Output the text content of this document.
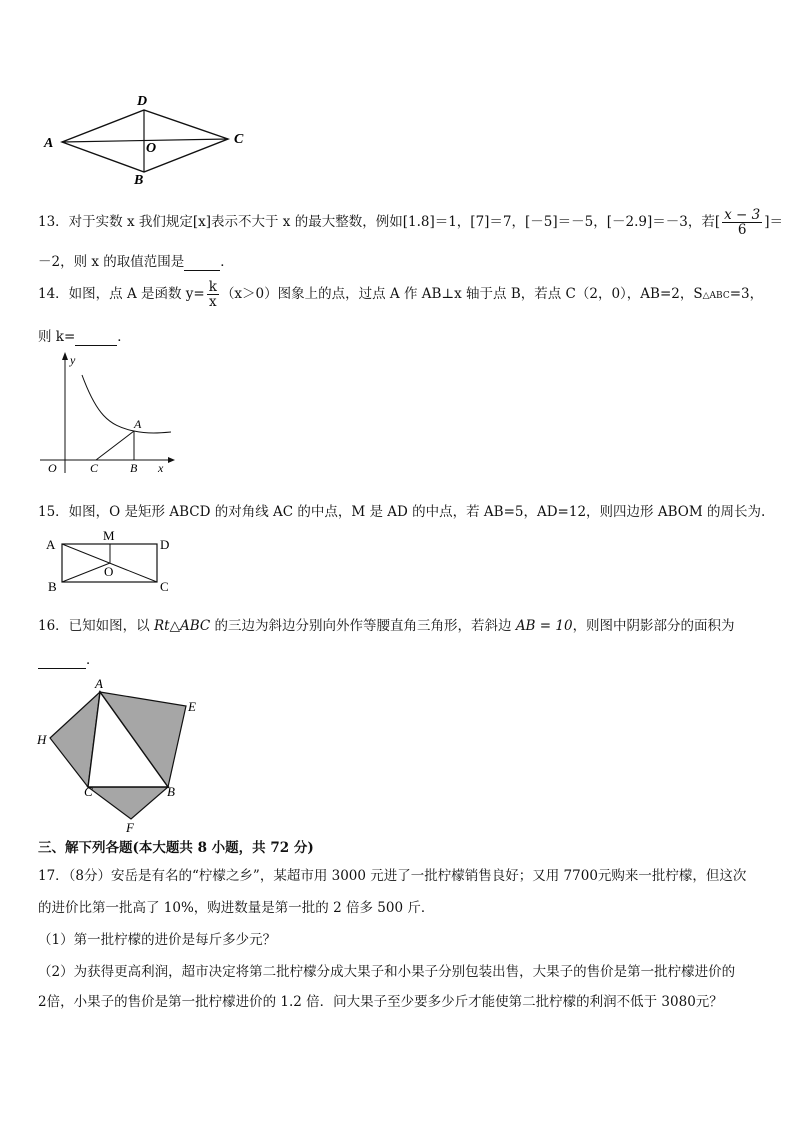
D
A	C
O
B
13．对于实数 x 我们规定[x]表示不大于 x 的最大整数，例如[1.8]＝1，[7]＝7，[－5]＝－5，[－2.9]＝－3，若[ $\frac{x - 3}{6}$ ]＝
－2，则 x 的取值范围是	．
14．如图，点 A 是函数 $y= \frac{k}{x} (x>0)$图象上的点，过点 A 作 AB⊥x 轴于点 B，若点 C（2，0），AB=2，S△ABC=3，
则 k=	．
y
A
O	C	B x
15．如图，O 是矩形 ABCD 的对角线 AC 的中点，M 是 AD 的中点，若 AB=5，AD=12，则四边形 ABOM 的周长为.
A
M
D
O
B	C
16．已知如图，以 Rt△ABC 的三边为斜边分别向外作等腰直角三角形，若斜边 AB = 10，则图中阴影部分的面积为
．
A
E
H
C	B
F
三、解下列各题(本大题共 8 小题，共 72 分)
17．（8分）安岳是有名的“柠檬之乡”，某超市用 3000 元进了一批柠檬销售良好；又用 7700元购来一批柠檬，但这次
的进价比第一批高了 10%，购进数量是第一批的 2 倍多 500 斤．
（1）第一批柠檬的进价是每斤多少元？
（2）为获得更高利润，超市决定将第二批柠檬分成大果子和小果子分别包装出售，大果子的售价是第一批柠檬进价的
2倍，小果子的售价是第一批柠檬进价的 1.2 倍．问大果子至少要多少斤才能使第二批柠檬的利润不低于 3080元？
